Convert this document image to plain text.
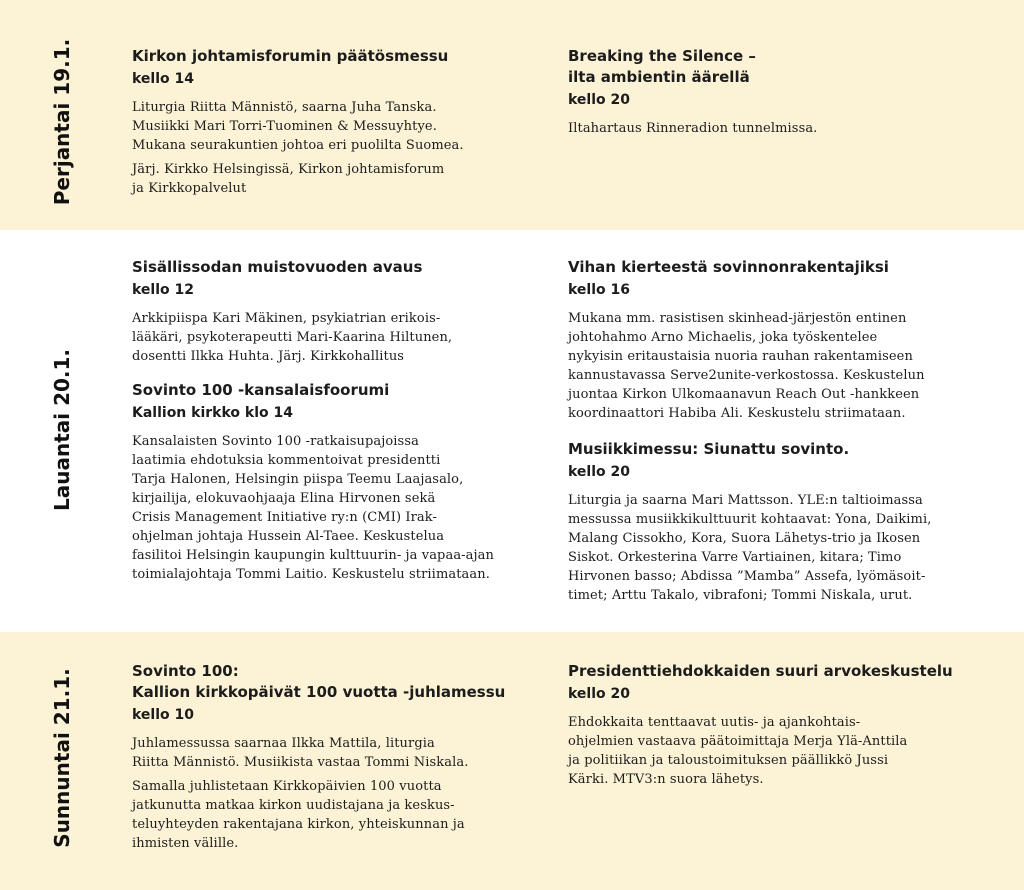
Perjantai 19.1.	Kirkon johtamisforumin päätösmessu

kello 14

Liturgia Riitta Männistö, saarna Juha Tanska.
Musiikki Mari Torri-Tuominen & Messuyhtye.
Mukana seurakuntien johtoa eri puolilta Suomea.

Järj. Kirkko Helsingissä, Kirkon johtamisforum
ja Kirkkopalvelut

Breaking the Silence –
ilta ambientin äärellä

kello 20

Iltahartaus Rinneradion tunnelmissa.

Lauantai 20.1.

Sisällissodan muistovuoden avaus

kello 12

Arkkipiispa Kari Mäkinen, psykiatrian erikois-
lääkäri, psykoterapeutti Mari-Kaarina Hiltunen,
dosentti Ilkka Huhta. Järj. Kirkkohallitus

Sovinto 100 -kansalaisfoorumi

Kallion kirkko klo 14

Kansalaisten Sovinto 100 -ratkaisupajoissa
laatimia ehdotuksia kommentoivat presidentti
Tarja Halonen, Helsingin piispa Teemu Laajasalo,
kirjailija, elokuvaohjaaja Elina Hirvonen sekä
Crisis Management Initiative ry:n (CMI) Irak-
ohjelman johtaja Hussein Al-Taee. Keskustelua
fasilitoi Helsingin kaupungin kulttuurin- ja vapaa-ajan
toimialajohtaja Tommi Laitio. Keskustelu striimataan.

Vihan kierteestä sovinnonrakentajiksi

kello 16

Mukana mm. rasistisen skinhead-järjestön entinen
johtohahmo Arno Michaelis, joka työskentelee
nykyisin eritaustaisia nuoria rauhan rakentamiseen
kannustavassa Serve2unite-verkostossa. Keskustelun
juontaa Kirkon Ulkomaanavun Reach Out -hankkeen
koordinaattori Habiba Ali. Keskustelu striimataan.

Musiikkimessu: Siunattu sovinto.

kello 20

Liturgia ja saarna Mari Mattsson. YLE:n taltioimassa
messussa musiikkikulttuurit kohtaavat: Yona, Daikimi,
Malang Cissokho, Kora, Suora Lähetys-trio ja Ikosen
Siskot. Orkesterina Varre Vartiainen, kitara; Timo
Hirvonen basso; Abdissa ”Mamba” Assefa, lyömäsoit-
timet; Arttu Takalo, vibrafoni; Tommi Niskala, urut.

Sunnuntai 21.1.	Sovinto 100:
Kallion kirkkopäivät 100 vuotta -juhlamessu

kello 10

Juhlamessussa saarnaa Ilkka Mattila, liturgia
Riitta Männistö. Musiikista vastaa Tommi Niskala.

Samalla juhlistetaan Kirkkopäivien 100 vuotta
jatkunutta matkaa kirkon uudistajana ja keskus-
teluyhteyden rakentajana kirkon, yhteiskunnan ja
ihmisten välille.

Presidenttiehdokkaiden suuri arvokeskustelu

kello 20

Ehdokkaita tenttaavat uutis- ja ajankohtais-
ohjelmien vastaava päätoimittaja Merja Ylä-Anttila
ja politiikan ja taloustoimituksen päällikkö Jussi
Kärki. MTV3:n suora lähetys.
